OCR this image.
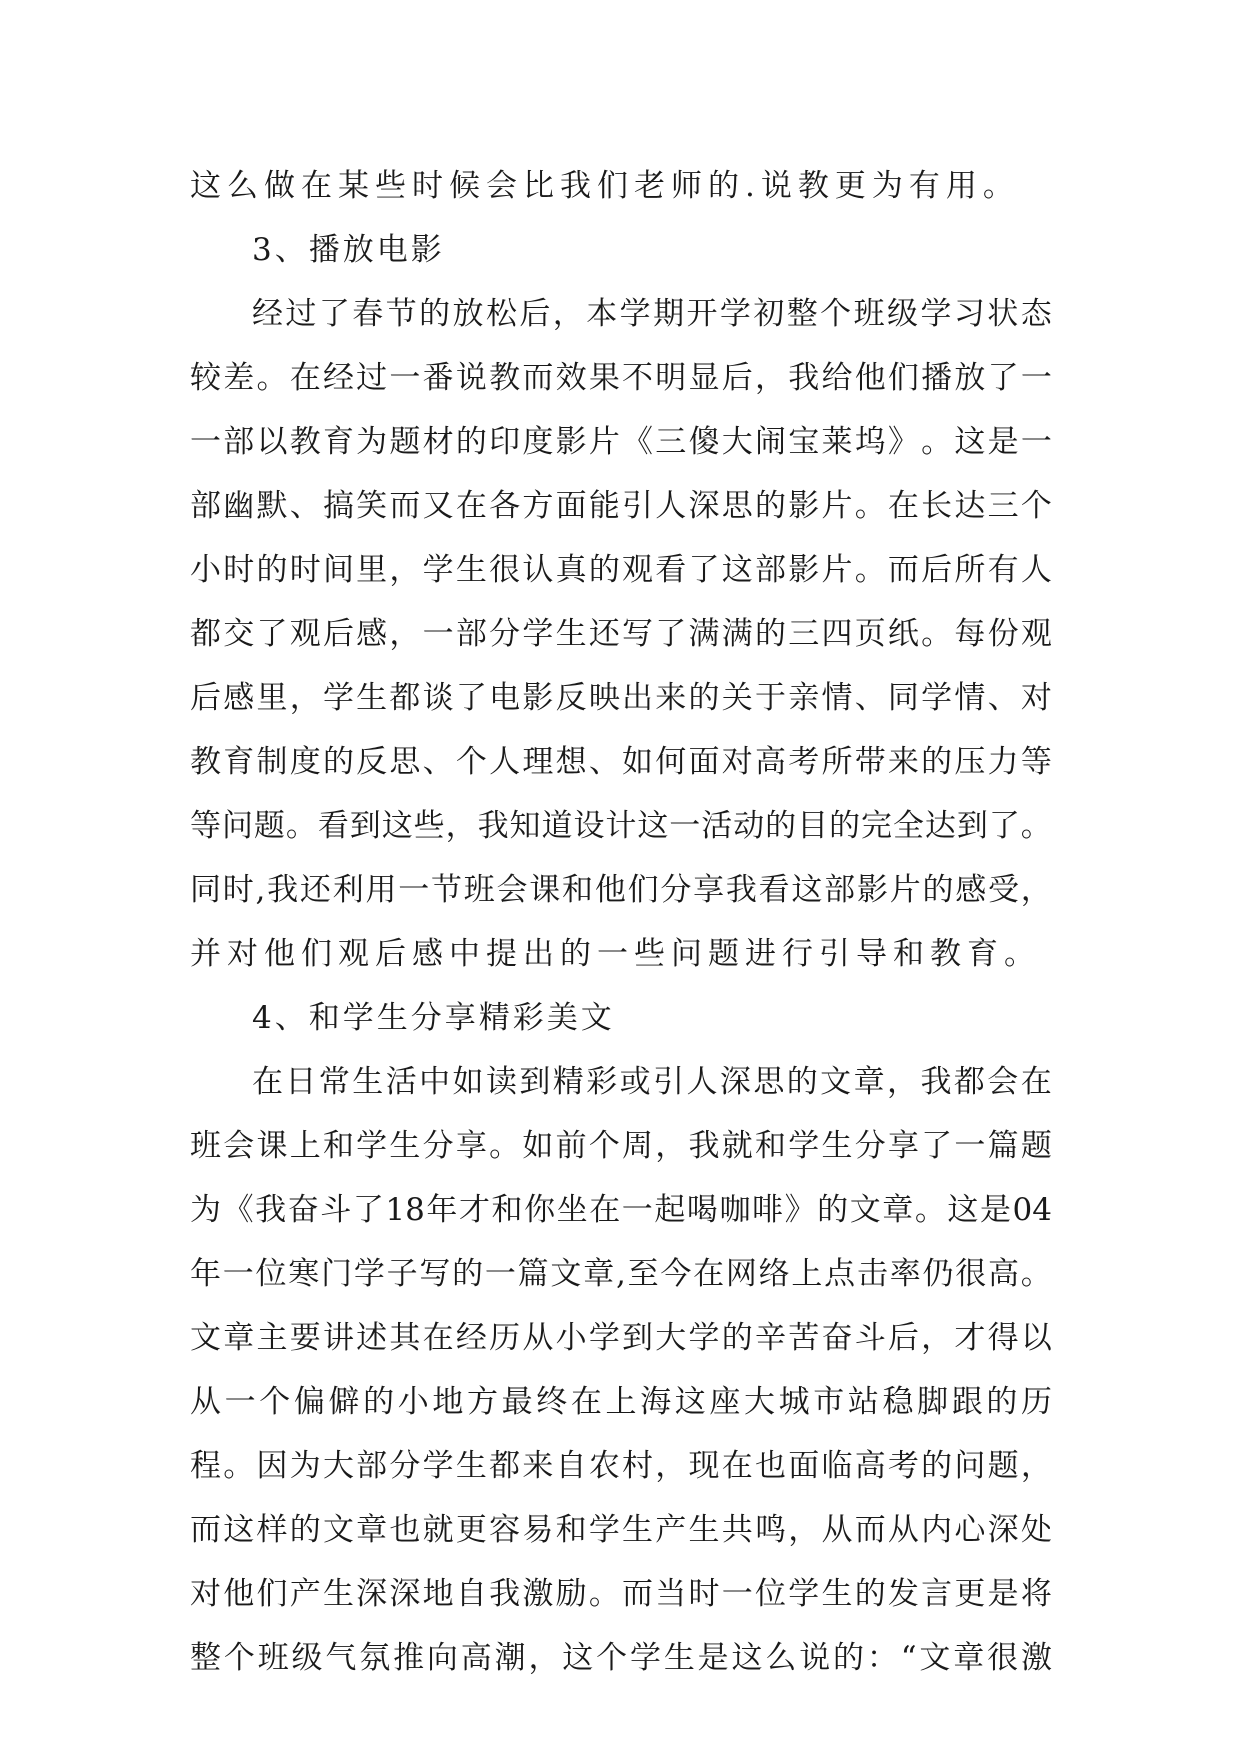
这么做在某些时候会比我们老师的.说教更为有用。
3、播放电影
经 过 了 春 节 的 放 松 后 ， 本 学 期 开 学 初 整 个 班 级 学 习 状 态
较 差 。 在 经 过 一 番 说 教 而 效 果 不 明 显 后 ， 我 给 他 们 播 放 了 一
一 部 以 教 育 为 题 材 的 印 度 影 片 《 三 傻 大 闹 宝 莱 坞 》 。 这 是 一
部 幽 默 、 搞 笑 而 又 在 各 方 面 能 引 人 深 思 的 影 片 。 在 长 达 三 个
小 时 的 时 间 里 ， 学 生 很 认 真 的 观 看 了 这 部 影 片 。 而 后 所 有 人
都 交 了 观 后 感 ， 一 部 分 学 生 还 写 了 满 满 的 三 四 页 纸 。 每 份 观
后 感 里 ， 学 生 都 谈 了 电 影 反 映 出 来 的 关 于 亲 情 、 同 学 情 、 对
教 育 制 度 的 反 思 、 个 人 理 想 、 如 何 面 对 高 考 所 带 来 的 压 力 等
等 问 题 。 看 到 这 些 ， 我 知 道 设 计 这 一 活 动 的 目 的 完 全 达 到 了 。
同 时 , 我 还 利 用 一 节 班 会 课 和 他 们 分 享 我 看 这 部 影 片 的 感 受 ，
并对他们观后感中提出的一些问题进行引导和教育。
4、和学生分享精彩美文
在 日 常 生 活 中 如 读 到 精 彩 或 引 人 深 思 的 文 章 ， 我 都 会 在
班 会 课 上 和 学 生 分 享 。 如 前 个 周 ， 我 就 和 学 生 分 享 了 一 篇 题
为 《 我 奋 斗 了 18 年 才 和 你 坐 在 一 起 喝 咖 啡 》 的 文 章 。 这 是 04
年 一 位 寒 门 学 子 写 的 一 篇 文 章 , 至 今 在 网 络 上 点 击 率 仍 很 高 。
文 章 主 要 讲 述 其 在 经 历 从 小 学 到 大 学 的 辛 苦 奋 斗 后 ， 才 得 以
从 一 个 偏 僻 的 小 地 方 最 终 在 上 海 这 座 大 城 市 站 稳 脚 跟 的 历
程 。 因 为 大 部 分 学 生 都 来 自 农 村 ， 现 在 也 面 临 高 考 的 问 题 ，
而 这 样 的 文 章 也 就 更 容 易 和 学 生 产 生 共 鸣 ， 从 而 从 内 心 深 处
对 他 们 产 生 深 深 地 自 我 激 励 。 而 当 时 一 位 学 生 的 发 言 更 是 将
整 个 班 级 气 氛 推 向 高 潮 ， 这 个 学 生 是 这 么 说 的 ： “ 文 章 很 激
